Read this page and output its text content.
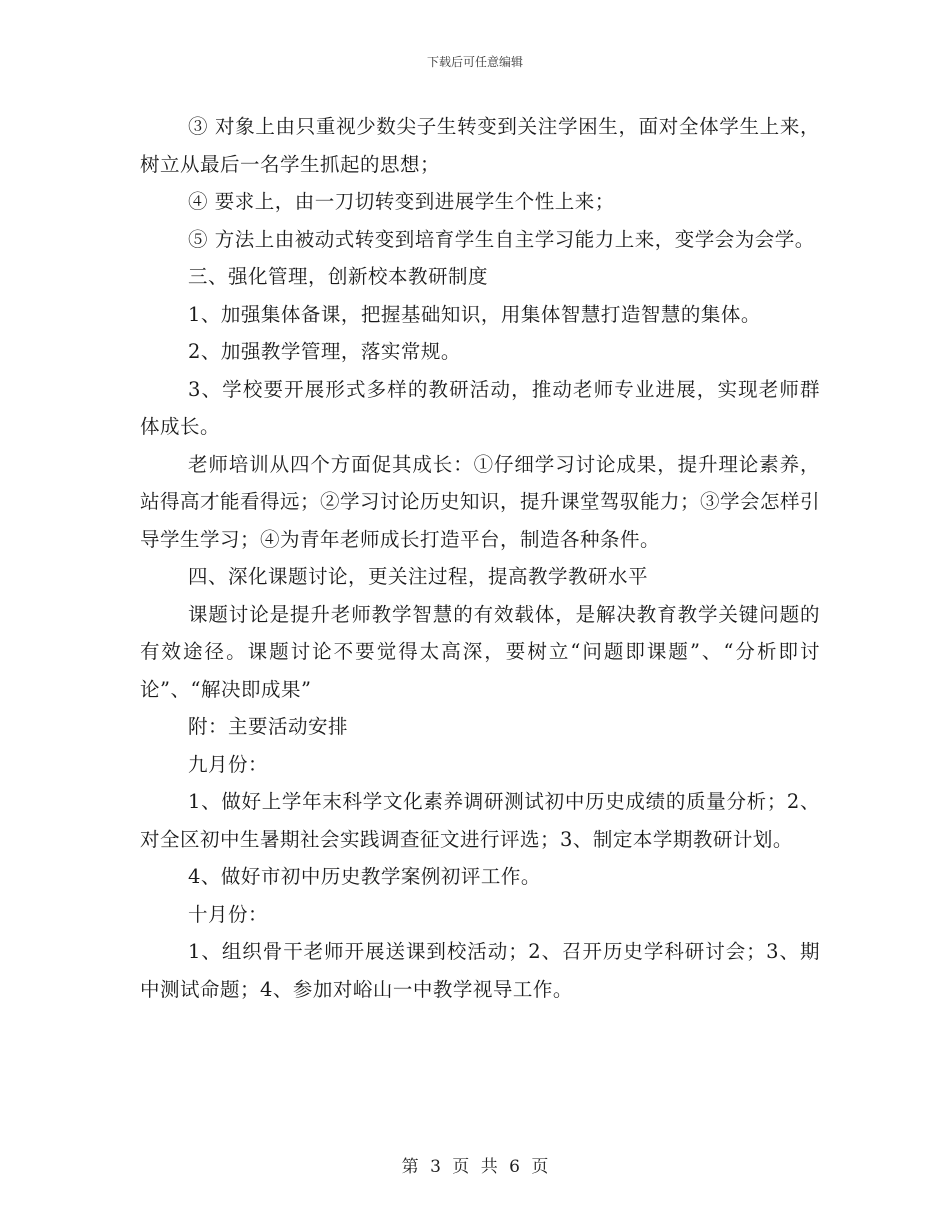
下载后可任意编辑

③ 对象上由只重视少数尖子生转变到关注学困生，面对全体学生上来，树立从最后一名学生抓起的思想；

④ 要求上，由一刀切转变到进展学生个性上来；

⑤ 方法上由被动式转变到培育学生自主学习能力上来，变学会为会学。

三、强化管理，创新校本教研制度

1、加强集体备课，把握基础知识，用集体智慧打造智慧的集体。

2、加强教学管理，落实常规。

3、学校要开展形式多样的教研活动，推动老师专业进展，实现老师群体成长。

老师培训从四个方面促其成长：①仔细学习讨论成果，提升理论素养，站得高才能看得远；②学习讨论历史知识，提升课堂驾驭能力；③学会怎样引导学生学习；④为青年老师成长打造平台，制造各种条件。

四、深化课题讨论，更关注过程，提高教学教研水平

课题讨论是提升老师教学智慧的有效载体，是解决教育教学关键问题的有效途径。课题讨论不要觉得太高深，要树立“问题即课题”、“分析即讨论”、“解决即成果”

附：主要活动安排

九月份：

1、做好上学年末科学文化素养调研测试初中历史成绩的质量分析；2、对全区初中生暑期社会实践调查征文进行评选；3、制定本学期教研计划。

4、做好市初中历史教学案例初评工作。

十月份：

1、组织骨干老师开展送课到校活动；2、召开历史学科研讨会；3、期中测试命题；4、参加对峪山一中教学视导工作。

第 3 页 共 6 页
